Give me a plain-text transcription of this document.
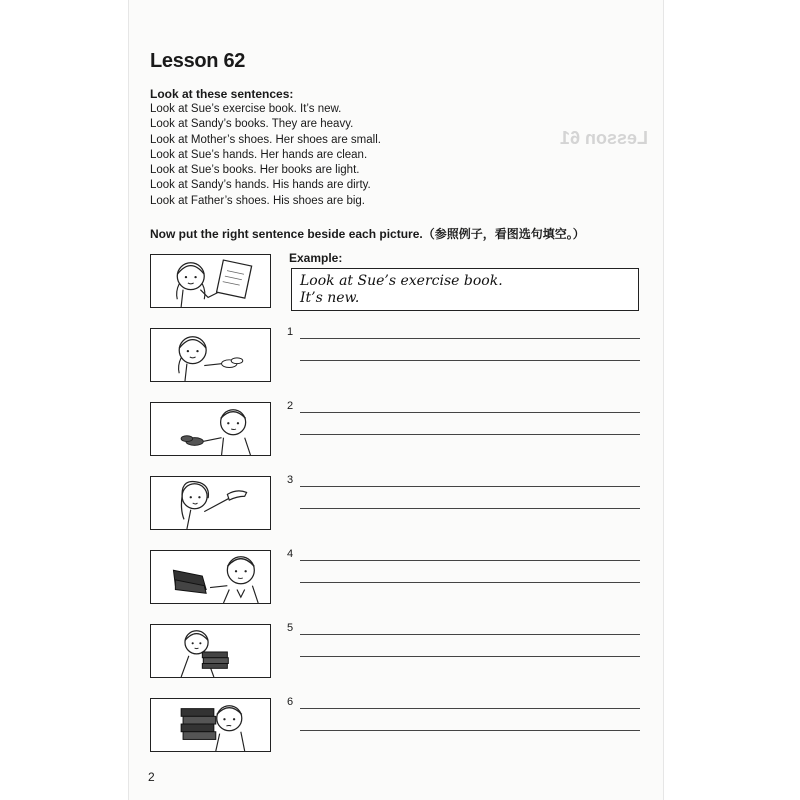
Lesson 61
Lesson 62
Look at these sentences:
Look at Sue’s exercise book. It’s new.
Look at Sandy’s books. They are heavy.
Look at Mother’s shoes. Her shoes are small.
Look at Sue’s hands. Her hands are clean.
Look at Sue’s books. Her books are light.
Look at Sandy’s hands. His hands are dirty.
Look at Father’s shoes. His shoes are big.
Now put the right sentence beside each picture.（参照例子，看图选句填空。）
Example:
Look at Sue’s exercise book.
It’s new.
1
2
3
4
5
6
2
